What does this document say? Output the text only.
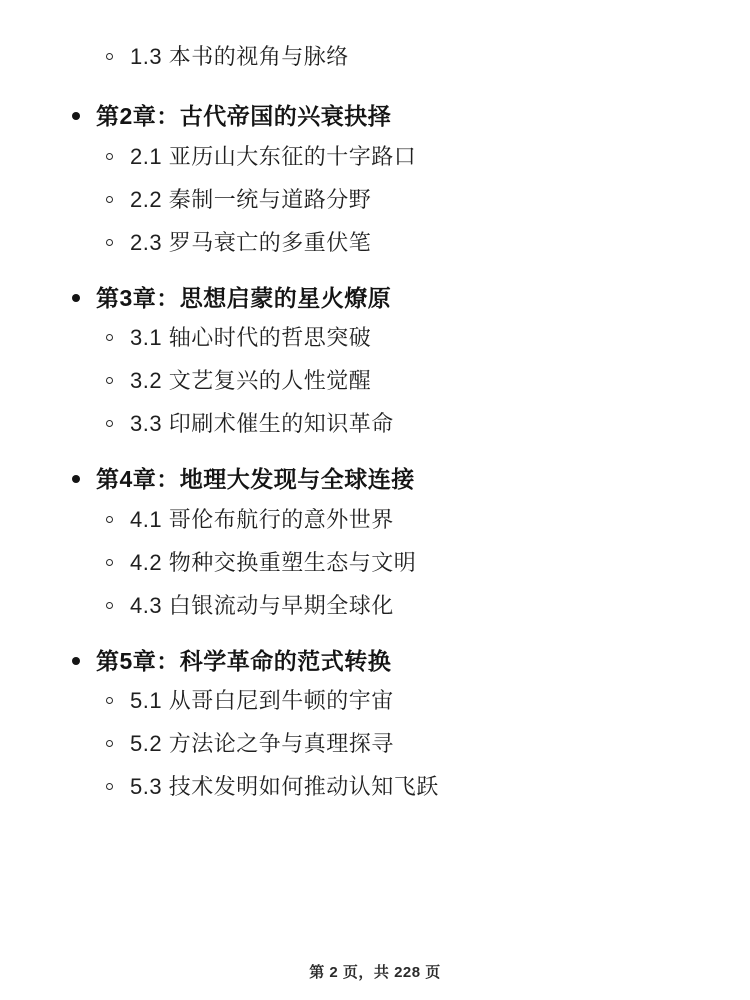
1.3 本书的视角与脉络
第2章：古代帝国的兴衰抉择
2.1 亚历山大东征的十字路口
2.2 秦制一统与道路分野
2.3 罗马衰亡的多重伏笔
第3章：思想启蒙的星火燎原
3.1 轴心时代的哲思突破
3.2 文艺复兴的人性觉醒
3.3 印刷术催生的知识革命
第4章：地理大发现与全球连接
4.1 哥伦布航行的意外世界
4.2 物种交换重塑生态与文明
4.3 白银流动与早期全球化
第5章：科学革命的范式转换
5.1 从哥白尼到牛顿的宇宙
5.2 方法论之争与真理探寻
5.3 技术发明如何推动认知飞跃
第 2 页，共 228 页
